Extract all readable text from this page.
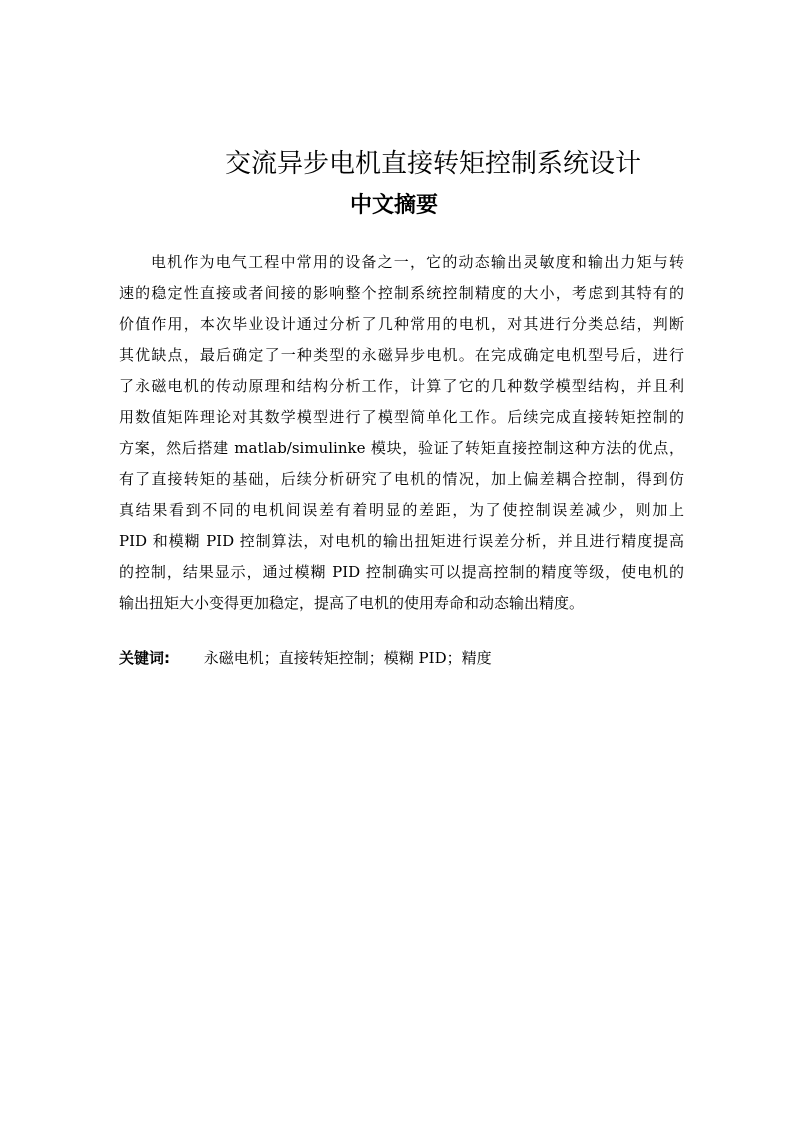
交流异步电机直接转矩控制系统设计
中文摘要
电机作为电气工程中常用的设备之一，它的动态输出灵敏度和输出力矩与转
速的稳定性直接或者间接的影响整个控制系统控制精度的大小，考虑到其特有的
价值作用，本次毕业设计通过分析了几种常用的电机，对其进行分类总结，判断
其优缺点，最后确定了一种类型的永磁异步电机。在完成确定电机型号后，进行
了永磁电机的传动原理和结构分析工作，计算了它的几种数学模型结构，并且利
用数值矩阵理论对其数学模型进行了模型简单化工作。后续完成直接转矩控制的
方案，然后搭建 matlab/simulinke 模块，验证了转矩直接控制这种方法的优点，
有了直接转矩的基础，后续分析研究了电机的情况，加上偏差耦合控制，得到仿
真结果看到不同的电机间误差有着明显的差距，为了使控制误差减少，则加上
PID 和模糊 PID 控制算法，对电机的输出扭矩进行误差分析，并且进行精度提高
的控制，结果显示，通过模糊 PID 控制确实可以提高控制的精度等级，使电机的
输出扭矩大小变得更加稳定，提高了电机的使用寿命和动态输出精度。
关键词: 永磁电机；直接转矩控制；模糊 PID；精度
